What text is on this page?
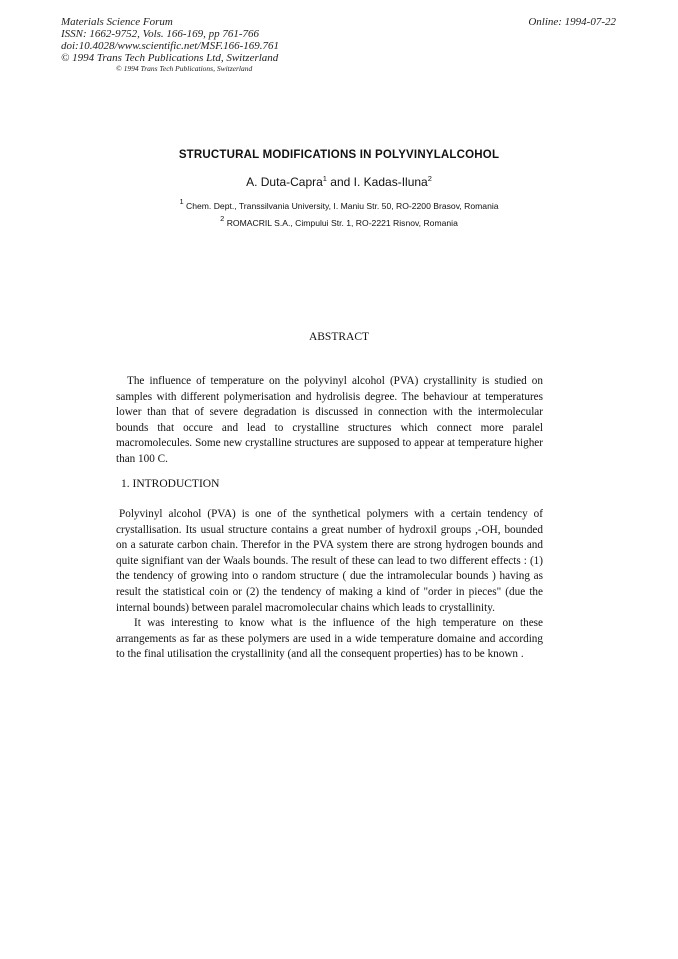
Materials Science Forum
ISSN: 1662-9752, Vols. 166-169, pp 761-766
doi:10.4028/www.scientific.net/MSF.166-169.761
© 1994 Trans Tech Publications Ltd, Switzerland
© 1994 Trans Tech Publications, Switzerland
Online: 1994-07-22
STRUCTURAL MODIFICATIONS IN POLYVINYLALCOHOL
A. Duta-Capra$^1$ and I. Kadas-Iluna$^2$
$^1$ Chem. Dept., Transsilvania University, I. Maniu Str. 50, RO-2200 Brasov, Romania
$^2$ ROMACRIL S.A., Cimpului Str. 1, RO-2221 Risnov, Romania
ABSTRACT

The influence of temperature on the polyvinyl alcohol (PVA) crystallinity is studied on samples with different polymerisation and hydrolisis degree. The behaviour at temperatures lower than that of severe degradation is discussed in connection with the intermolecular bounds that occure and lead to crystalline structures which connect more paralel macromolecules. Some new crystalline structures are supposed to appear at temperature higher than 100 C.

1. INTRODUCTION

Polyvinyl alcohol (PVA) is one of the synthetical polymers with a certain tendency of crystallisation. Its usual structure contains a great number of hydroxil groups ,-OH, bounded on a saturate carbon chain. Therefor in the PVA system there are strong hydrogen bounds and quite signifiant van der Waals bounds. The result of these can lead to two different effects : (1) the tendency of growing into o random structure ( due the intramolecular bounds ) having as result the statistical coin or (2) the tendency of making a kind of "order in pieces" (due the internal bounds) between paralel macromolecular chains which leads to crystallinity.

It was interesting to know what is the influence of the high temperature on these arrangements as far as these polymers are used in a wide temperature domaine and according to the final utilisation the crystallinity (and all the consequent properties) has to be known .
